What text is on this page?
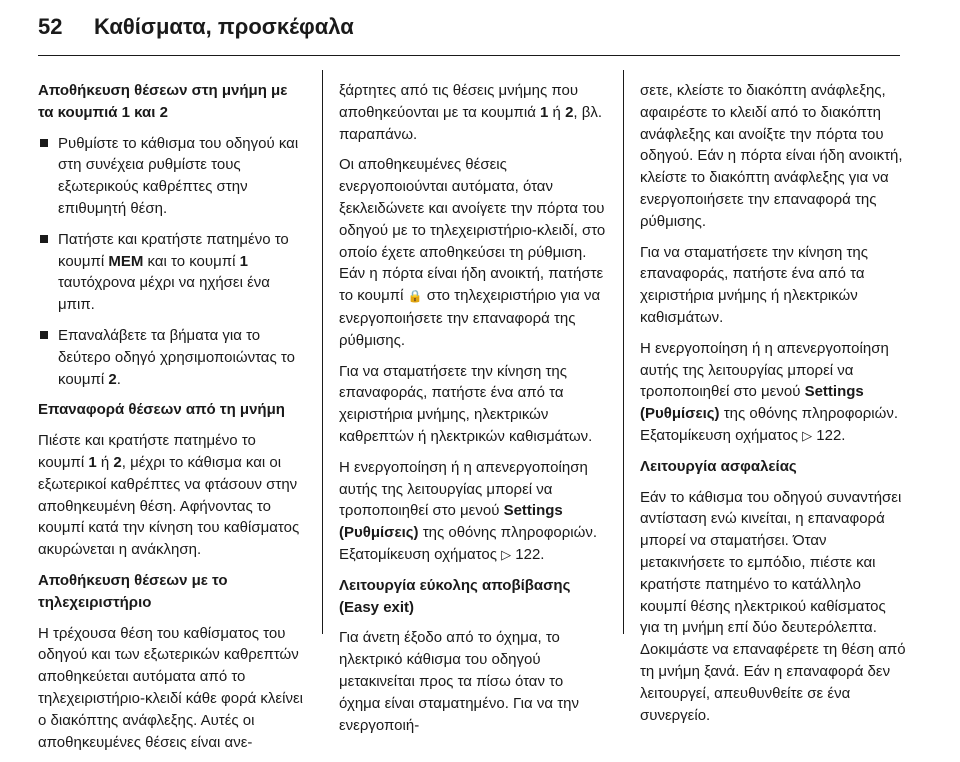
52 Καθίσματα, προσκέφαλα

Αποθήκευση θέσεων στη μνήμη με τα κουμπιά 1 και 2

Ρυθμίστε το κάθισμα του οδηγού και στη συνέχεια ρυθμίστε τους εξωτερικούς καθρέπτες στην επιθυμητή θέση.
Πατήστε και κρατήστε πατημένο το κουμπί MEM και το κουμπί 1 ταυτόχρονα μέχρι να ηχήσει ένα μπιπ.
Επαναλάβετε τα βήματα για το δεύτερο οδηγό χρησιμοποιώντας το κουμπί 2.

Επαναφορά θέσεων από τη μνήμη

Πιέστε και κρατήστε πατημένο το κουμπί 1 ή 2, μέχρι το κάθισμα και οι εξωτερικοί καθρέπτες να φτάσουν στην αποθηκευμένη θέση. Αφήνοντας το κουμπί κατά την κίνηση του καθίσματος ακυρώνεται η ανάκληση.

Αποθήκευση θέσεων με το τηλεχειριστήριο

Η τρέχουσα θέση του καθίσματος του οδηγού και των εξωτερικών καθρεπτών αποθηκεύεται αυτόματα από το τηλεχειριστήριο-κλειδί κάθε φορά κλείνει ο διακόπτης ανάφλεξης. Αυτές οι αποθηκευμένες θέσεις είναι ανε-

ξάρτητες από τις θέσεις μνήμης που αποθηκεύονται με τα κουμπιά 1 ή 2, βλ. παραπάνω.

Οι αποθηκευμένες θέσεις ενεργοποιούνται αυτόματα, όταν ξεκλειδώνετε και ανοίγετε την πόρτα του οδηγού με το τηλεχειριστήριο-κλειδί, στο οποίο έχετε αποθηκεύσει τη ρύθμιση. Εάν η πόρτα είναι ήδη ανοικτή, πατήστε το κουμπί 🔒 στο τηλεχειριστήριο για να ενεργοποιήσετε την επαναφορά της ρύθμισης.

Για να σταματήσετε την κίνηση της επαναφοράς, πατήστε ένα από τα χειριστήρια μνήμης, ηλεκτρικών καθρεπτών ή ηλεκτρικών καθισμάτων.

Η ενεργοποίηση ή η απενεργοποίηση αυτής της λειτουργίας μπορεί να τροποποιηθεί στο μενού Settings (Ρυθμίσεις) της οθόνης πληροφοριών. Εξατομίκευση οχήματος ▷ 122.

Λειτουργία εύκολης αποβίβασης (Easy exit)

Για άνετη έξοδο από το όχημα, το ηλεκτρικό κάθισμα του οδηγού μετακινείται προς τα πίσω όταν το όχημα είναι σταματημένο. Για να την ενεργοποιή-

σετε, κλείστε το διακόπτη ανάφλεξης, αφαιρέστε το κλειδί από το διακόπτη ανάφλεξης και ανοίξτε την πόρτα του οδηγού. Εάν η πόρτα είναι ήδη ανοικτή, κλείστε το διακόπτη ανάφλεξης για να ενεργοποιήσετε την επαναφορά της ρύθμισης.

Για να σταματήσετε την κίνηση της επαναφοράς, πατήστε ένα από τα χειριστήρια μνήμης ή ηλεκτρικών καθισμάτων.

Η ενεργοποίηση ή η απενεργοποίηση αυτής της λειτουργίας μπορεί να τροποποιηθεί στο μενού Settings (Ρυθμίσεις) της οθόνης πληροφοριών. Εξατομίκευση οχήματος ▷ 122.

Λειτουργία ασφαλείας

Εάν το κάθισμα του οδηγού συναντήσει αντίσταση ενώ κινείται, η επαναφορά μπορεί να σταματήσει. Όταν μετακινήσετε το εμπόδιο, πιέστε και κρατήστε πατημένο το κατάλληλο κουμπί θέσης ηλεκτρικού καθίσματος για τη μνήμη επί δύο δευτερόλεπτα. Δοκιμάστε να επαναφέρετε τη θέση από τη μνήμη ξανά. Εάν η επαναφορά δεν λειτουργεί, απευθυνθείτε σε ένα συνεργείο.
